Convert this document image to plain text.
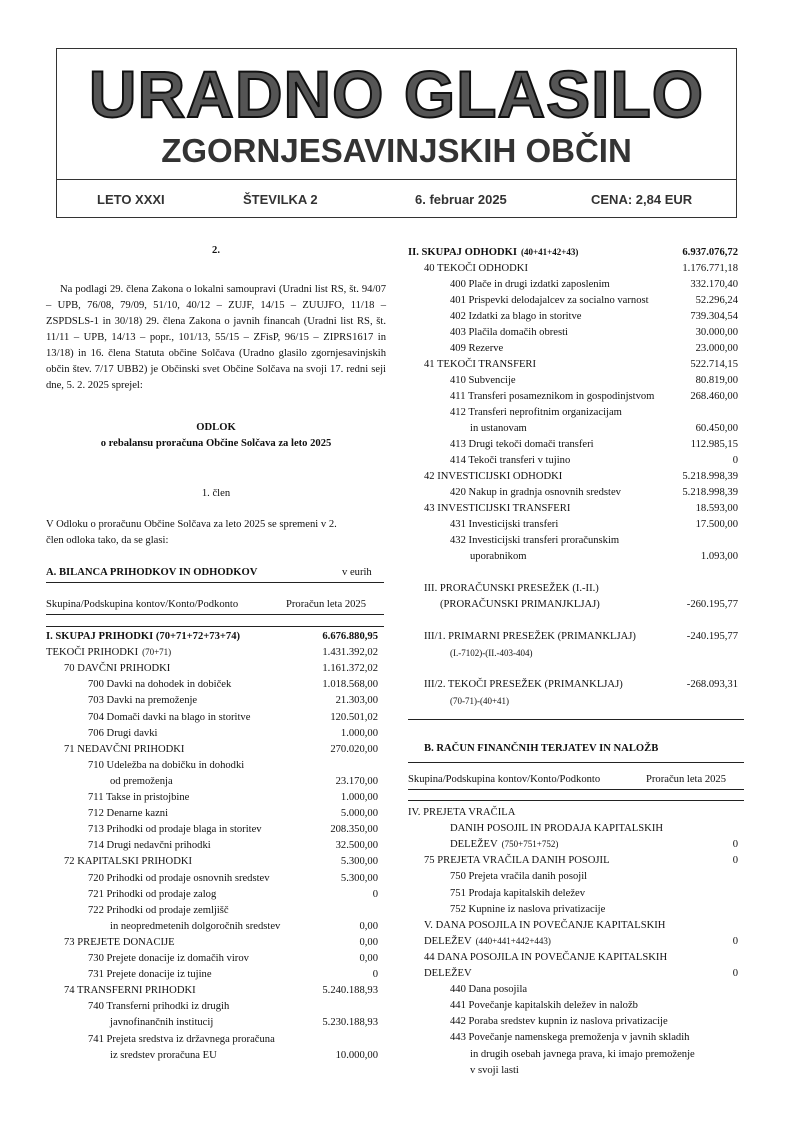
URADNO GLASILO
ZGORNJESAVINJSKIH OBČIN
LETO XXXI	ŠTEVILKA 2	6. februar 2025	CENA: 2,84 EUR
2.
Na podlagi 29. člena Zakona o lokalni samoupravi (Uradni list RS, št. 94/07 – UPB, 76/08, 79/09, 51/10, 40/12 – ZUJF, 14/15 – ZUUJFO, 11/18 – ZSPDSLS-1 in 30/18) 29. člena Zakona o javnih financah (Uradni list RS, št. 11/11 – UPB, 14/13 – popr., 101/13, 55/15 – ZFisP, 96/15 – ZIPRS1617 in 13/18) in 16. člena Statuta občine Solčava (Uradno glasilo zgornjesavinjskih občin štev. 7/17 UBB2) je Občinski svet Občine Solčava na svoji 17. redni seji dne, 5. 2. 2025 sprejel:
ODLOK
o rebalansu proračuna Občine Solčava za leto 2025
1. člen
V Odloku o proračunu Občine Solčava za leto 2025 se spremeni v 2.
člen odloka tako, da se glasi:
A. BILANCA PRIHODKOV IN ODHODKOV	v eurih
Skupina/Podskupina kontov/Konto/Podkonto	Proračun leta 2025
I. SKUPAJ PRIHODKI (70+71+72+73+74)	6.676.880,95
TEKOČI PRIHODKI (70+71)	1.431.392,02
70 DAVČNI PRIHODKI	1.161.372,02
700 Davki na dohodek in dobiček	1.018.568,00
703 Davki na premoženje	21.303,00
704 Domači davki na blago in storitve	120.501,02
706 Drugi davki	1.000,00
71 NEDAVČNI PRIHODKI	270.020,00
710 Udeležba na dobičku in dohodki
od premoženja	23.170,00
711 Takse in pristojbine	1.000,00
712 Denarne kazni	5.000,00
713 Prihodki od prodaje blaga in storitev	208.350,00
714 Drugi nedavčni prihodki	32.500,00
72 KAPITALSKI PRIHODKI	5.300,00
720 Prihodki od prodaje osnovnih sredstev	5.300,00
721 Prihodki od prodaje zalog	0
722 Prihodki od prodaje zemljišč
in neopredmetenih dolgoročnih sredstev	0,00
73 PREJETE DONACIJE	0,00
730 Prejete donacije iz domačih virov	0,00
731 Prejete donacije iz tujine	0
74 TRANSFERNI PRIHODKI	5.240.188,93
740 Transferni prihodki iz drugih
javnofinančnih institucij	5.230.188,93
741 Prejeta sredstva iz državnega proračuna
iz sredstev proračuna EU	10.000,00
II. SKUPAJ ODHODKI (40+41+42+43)	6.937.076,72
40 TEKOČI ODHODKI	1.176.771,18
400 Plače in drugi izdatki zaposlenim	332.170,40
401 Prispevki delodajalcev za socialno varnost	52.296,24
402 Izdatki za blago in storitve	739.304,54
403 Plačila domačih obresti	30.000,00
409 Rezerve	23.000,00
41 TEKOČI TRANSFERI	522.714,15
410 Subvencije	80.819,00
411 Transferi posameznikom in gospodinjstvom	268.460,00
412 Transferi neprofitnim organizacijam
in ustanovam	60.450,00
413 Drugi tekoči domači transferi	112.985,15
414 Tekoči transferi v tujino	0
42 INVESTICIJSKI ODHODKI	5.218.998,39
420 Nakup in gradnja osnovnih sredstev	5.218.998,39
43 INVESTICIJSKI TRANSFERI	18.593,00
431 Investicijski transferi	17.500,00
432 Investicijski transferi proračunskim
uporabnikom	1.093,00
III. PRORAČUNSKI PRESEŽEK (I.-II.)
(PRORAČUNSKI PRIMANJKLJAJ)	-260.195,77
III/1. PRIMARNI PRESEŽEK (PRIMANKLJAJ)	-240.195,77
(I.-7102)-(II.-403-404)
III/2. TEKOČI PRESEŽEK (PRIMANKLJAJ)	-268.093,31
(70-71)-(40+41)
B. RAČUN FINANČNIH TERJATEV IN NALOŽB
Skupina/Podskupina kontov/Konto/Podkonto	Proračun leta 2025
IV. PREJETA VRAČILA
DANIH POSOJIL IN PRODAJA KAPITALSKIH
DELEŽEV (750+751+752)	0
75 PREJETA VRAČILA DANIH POSOJIL	0
750 Prejeta vračila danih posojil
751 Prodaja kapitalskih deležev
752 Kupnine iz naslova privatizacije
V. DANA POSOJILA IN POVEČANJE KAPITALSKIH
DELEŽEV (440+441+442+443)	0
44 DANA POSOJILA IN POVEČANJE KAPITALSKIH
DELEŽEV	0
440 Dana posojila
441 Povečanje kapitalskih deležev in naložb
442 Poraba sredstev kupnin iz naslova privatizacije
443 Povečanje namenskega premoženja v javnih skladih
in drugih osebah javnega prava, ki imajo premoženje
v svoji lasti
